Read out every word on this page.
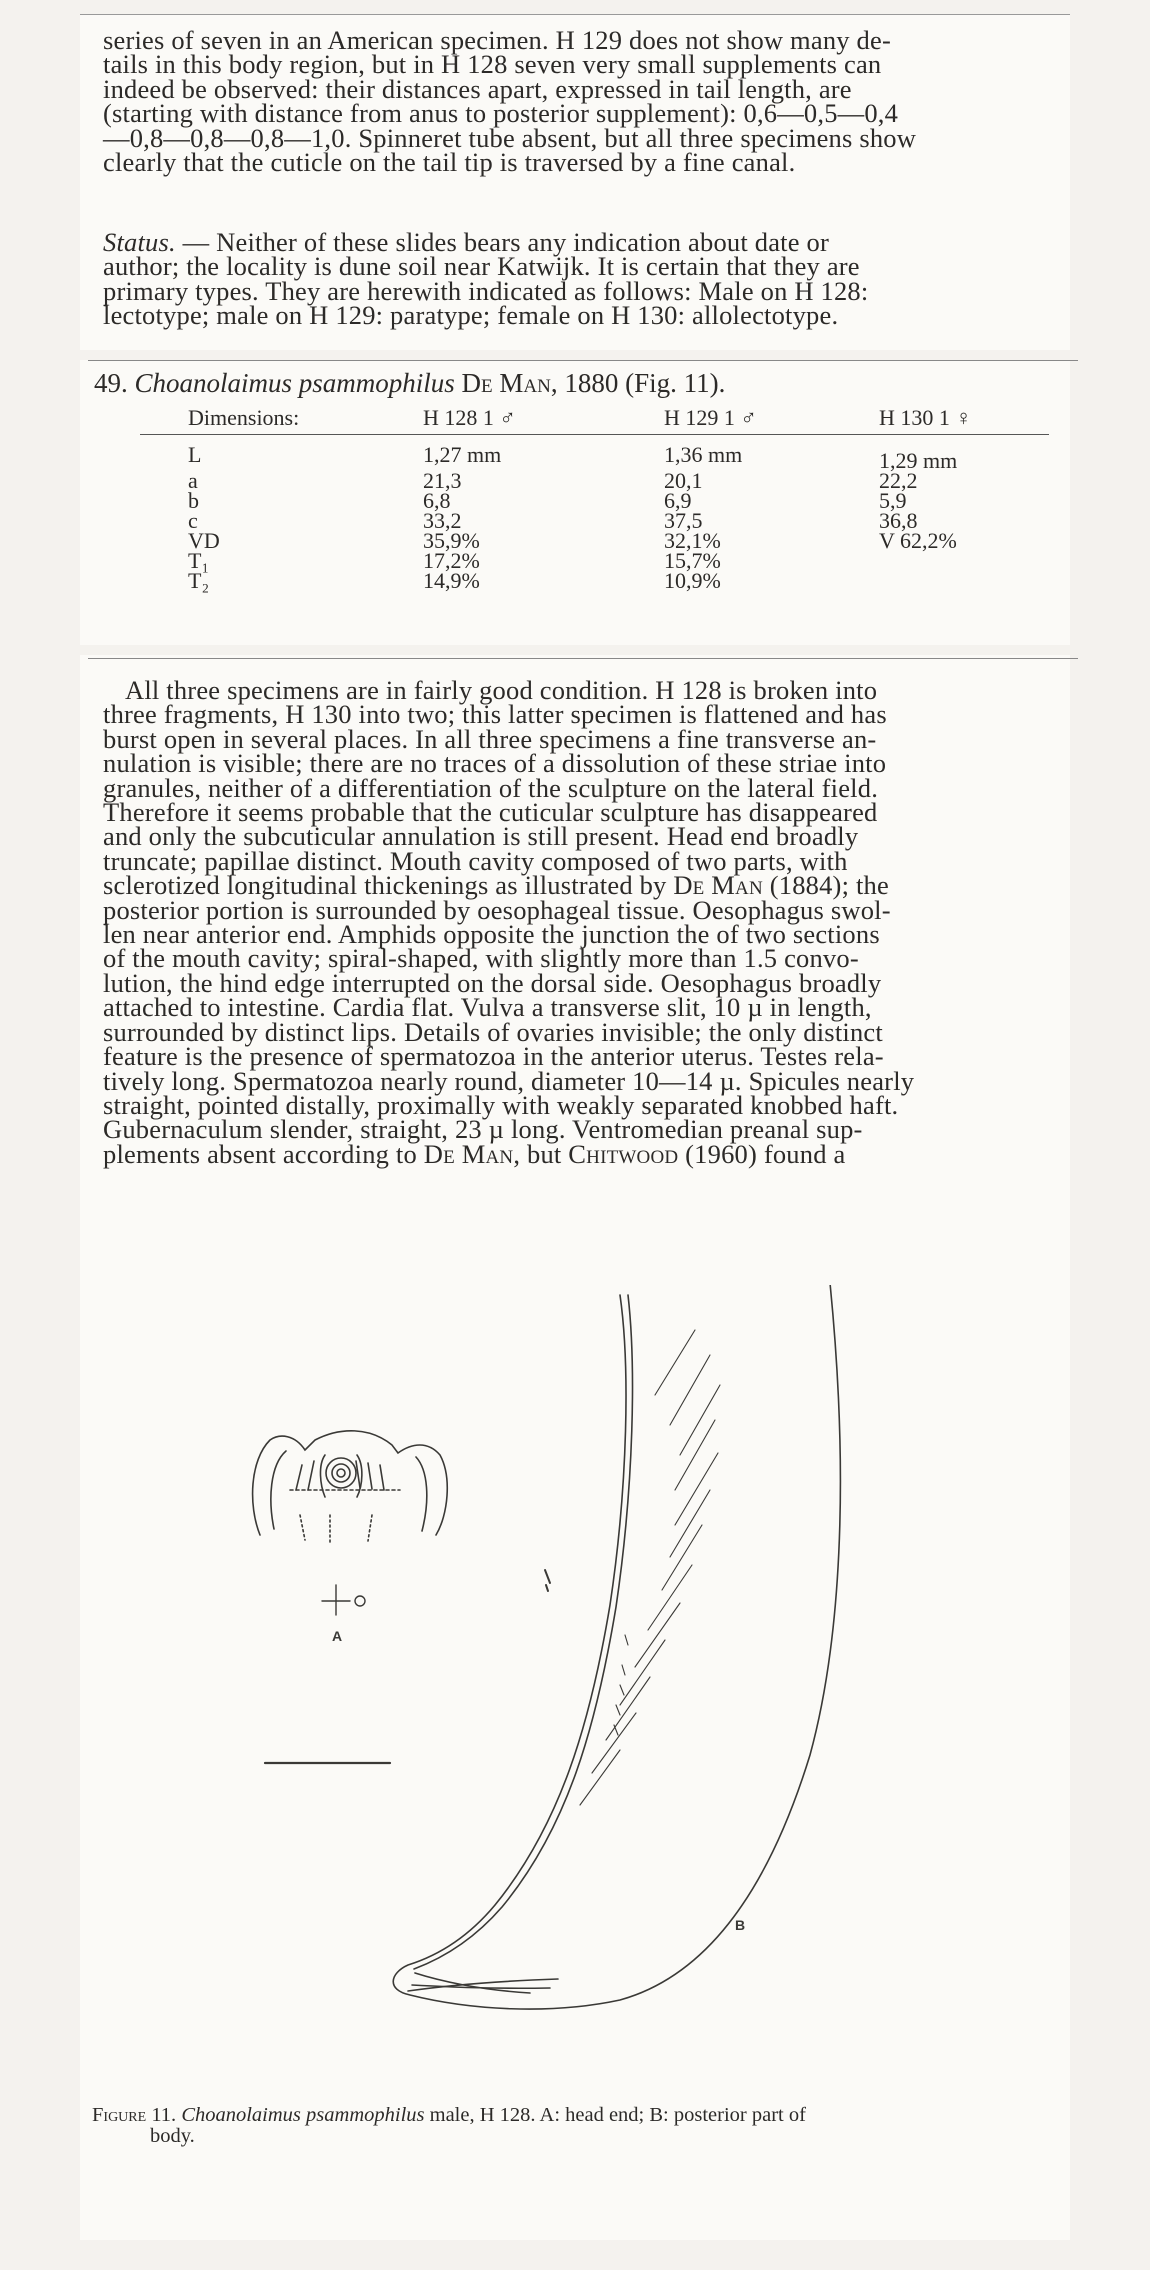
series of seven in an American specimen. H 129 does not show many de-
tails in this body region, but in H 128 seven very small supplements can
indeed be observed: their distances apart, expressed in tail length, are
(starting with distance from anus to posterior supplement): 0,6—0,5—0,4
—0,8—0,8—0,8—1,0. Spinneret tube absent, but all three specimens show
clearly that the cuticle on the tail tip is traversed by a fine canal.
Status. — Neither of these slides bears any indication about date or
author; the locality is dune soil near Katwijk. It is certain that they are
primary types. They are herewith indicated as follows: Male on H 128:
lectotype; male on H 129: paratype; female on H 130: allolectotype.
49. Choanolaimus psammophilus De Man, 1880 (Fig. 11).
Dimensions:	H 128 1 ♂	H 129 1 ♂	H 130 1 ♀

L	1,27 mm	1,36 mm	1,29 mm
a	21,3	20,1	22,2
b	6,8	6,9	5,9
c	33,2	37,5	36,8
VD	35,9%	32,1%	V 62,2%
T₁	17,2%	15,7%	
T₂	14,9%	10,9%	
All three specimens are in fairly good condition. H 128 is broken into
three fragments, H 130 into two; this latter specimen is flattened and has
burst open in several places. In all three specimens a fine transverse an-
nulation is visible; there are no traces of a dissolution of these striae into
granules, neither of a differentiation of the sculpture on the lateral field.
Therefore it seems probable that the cuticular sculpture has disappeared
and only the subcuticular annulation is still present. Head end broadly
truncate; papillae distinct. Mouth cavity composed of two parts, with
sclerotized longitudinal thickenings as illustrated by De Man (1884); the
posterior portion is surrounded by oesophageal tissue. Oesophagus swol-
len near anterior end. Amphids opposite the junction the of two sections
of the mouth cavity; spiral-shaped, with slightly more than 1.5 convo-
lution, the hind edge interrupted on the dorsal side. Oesophagus broadly
attached to intestine. Cardia flat. Vulva a transverse slit, 10 µ in length,
surrounded by distinct lips. Details of ovaries invisible; the only distinct
feature is the presence of spermatozoa in the anterior uterus. Testes rela-
tively long. Spermatozoa nearly round, diameter 10—14 µ. Spicules nearly
straight, pointed distally, proximally with weakly separated knobbed haft.
Gubernaculum slender, straight, 23 µ long. Ventromedian preanal sup-
plements absent according to De Man, but Chitwood (1960) found a
A
B
Figure 11. Choanolaimus psammophilus male, H 128. A: head end; B: posterior part of
body.
